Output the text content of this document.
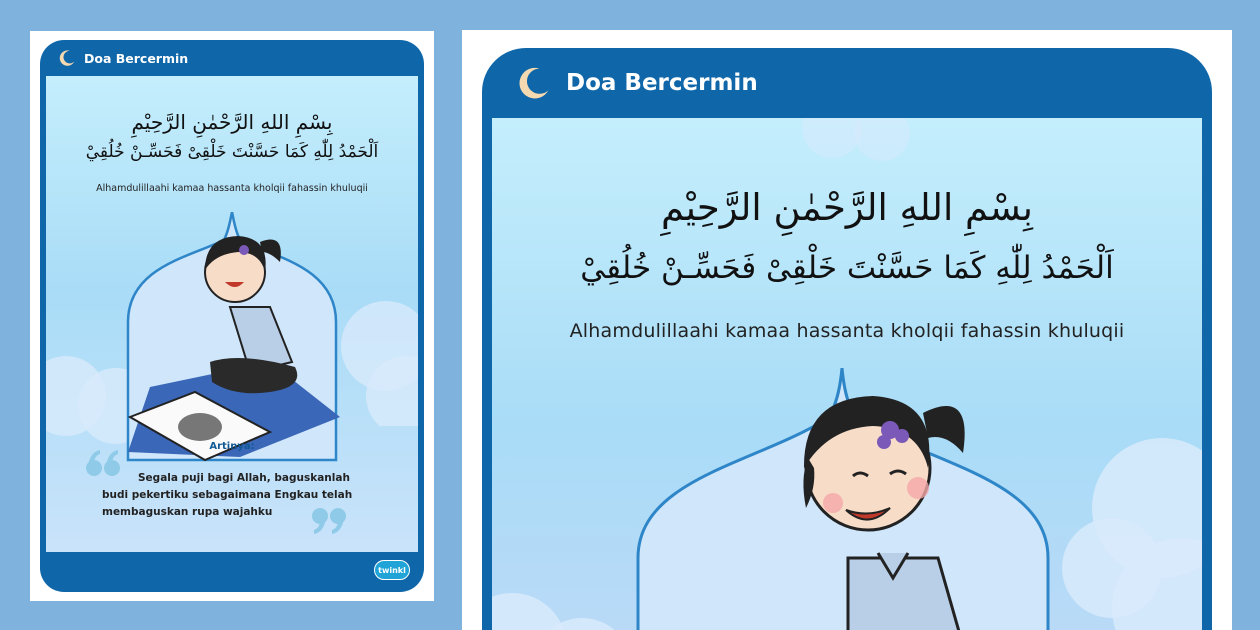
Doa Bercermin
بِسْمِ اللهِ الرَّحْمٰنِ الرَّحِيْمِ
اَلْحَمْدُ لِلّٰهِ كَمَا حَسَّنْتَ خَلْقِىْ فَحَسِّـنْ خُلُقِيْ
Alhamdulillaahi kamaa hassanta kholqii fahassin khuluqii
Artinya:
Segala puji bagi Allah, baguskanlah
budi pekertiku sebagaimana Engkau telah
membaguskan rupa wajahku
twinkl
Doa Bercermin
بِسْمِ اللهِ الرَّحْمٰنِ الرَّحِيْمِ
اَلْحَمْدُ لِلّٰهِ كَمَا حَسَّنْتَ خَلْقِىْ فَحَسِّـنْ خُلُقِيْ
Alhamdulillaahi kamaa hassanta kholqii fahassin khuluqii
